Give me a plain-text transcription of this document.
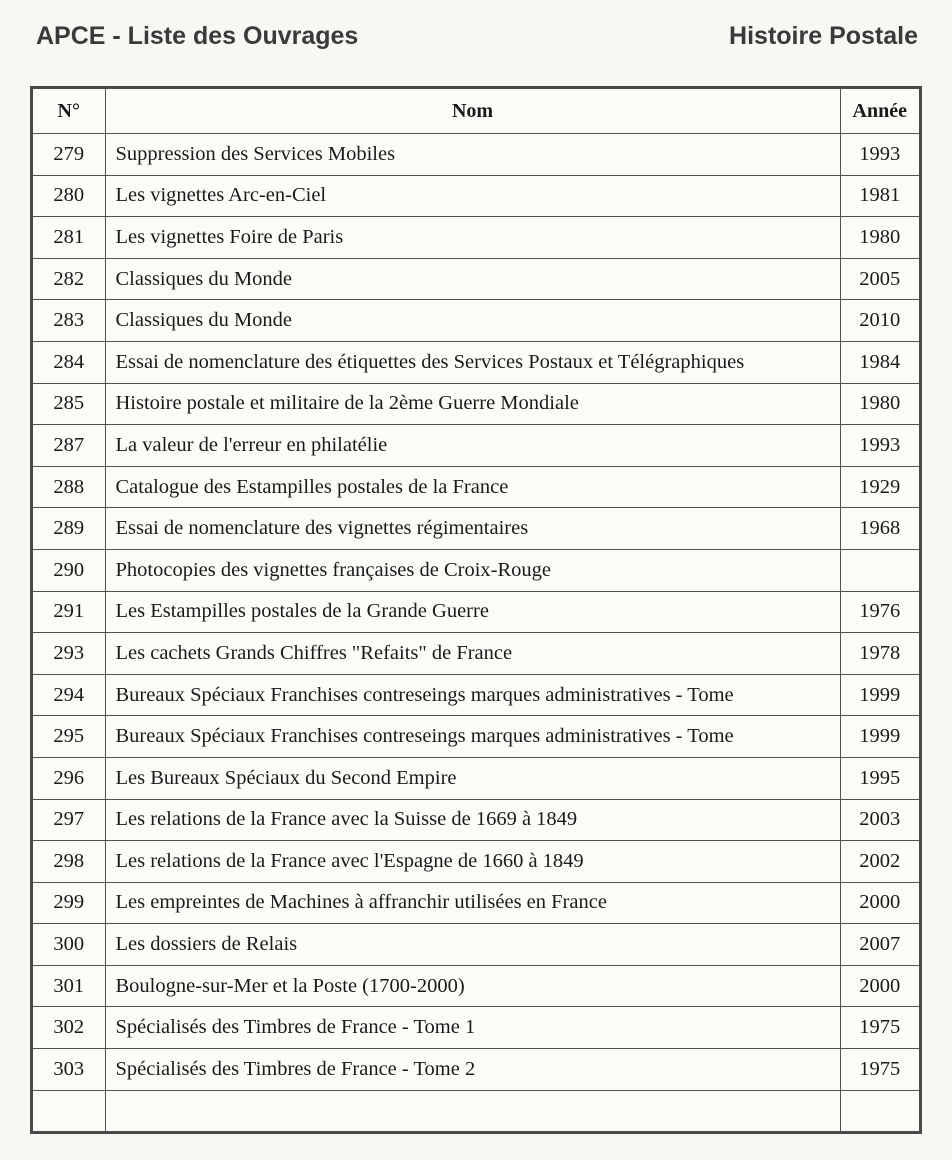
APCE - Liste des Ouvrages	Histoire Postale
N°	Nom	Année
279	Suppression des Services Mobiles	1993
280	Les vignettes Arc-en-Ciel	1981
281	Les vignettes Foire de Paris	1980
282	Classiques du Monde	2005
283	Classiques du Monde	2010
284	Essai de nomenclature des étiquettes des Services Postaux et Télégraphiques	1984
285	Histoire postale et militaire de la 2ème Guerre Mondiale	1980
287	La valeur de l'erreur en philatélie	1993
288	Catalogue des Estampilles postales de la France	1929
289	Essai de nomenclature des vignettes régimentaires	1968
290	Photocopies des vignettes françaises de Croix-Rouge	
291	Les Estampilles postales de la Grande Guerre	1976
293	Les cachets Grands Chiffres "Refaits" de France	1978
294	Bureaux Spéciaux Franchises contreseings marques administratives - Tome	1999
295	Bureaux Spéciaux Franchises contreseings marques administratives - Tome	1999
296	Les Bureaux Spéciaux du Second Empire	1995
297	Les relations de la France avec la Suisse de 1669 à 1849	2003
298	Les relations de la France avec l'Espagne de 1660 à 1849	2002
299	Les empreintes de Machines à affranchir utilisées en France	2000
300	Les dossiers de Relais	2007
301	Boulogne-sur-Mer et la Poste (1700-2000)	2000
302	Spécialisés des Timbres de France - Tome 1	1975
303	Spécialisés des Timbres de France - Tome 2	1975
